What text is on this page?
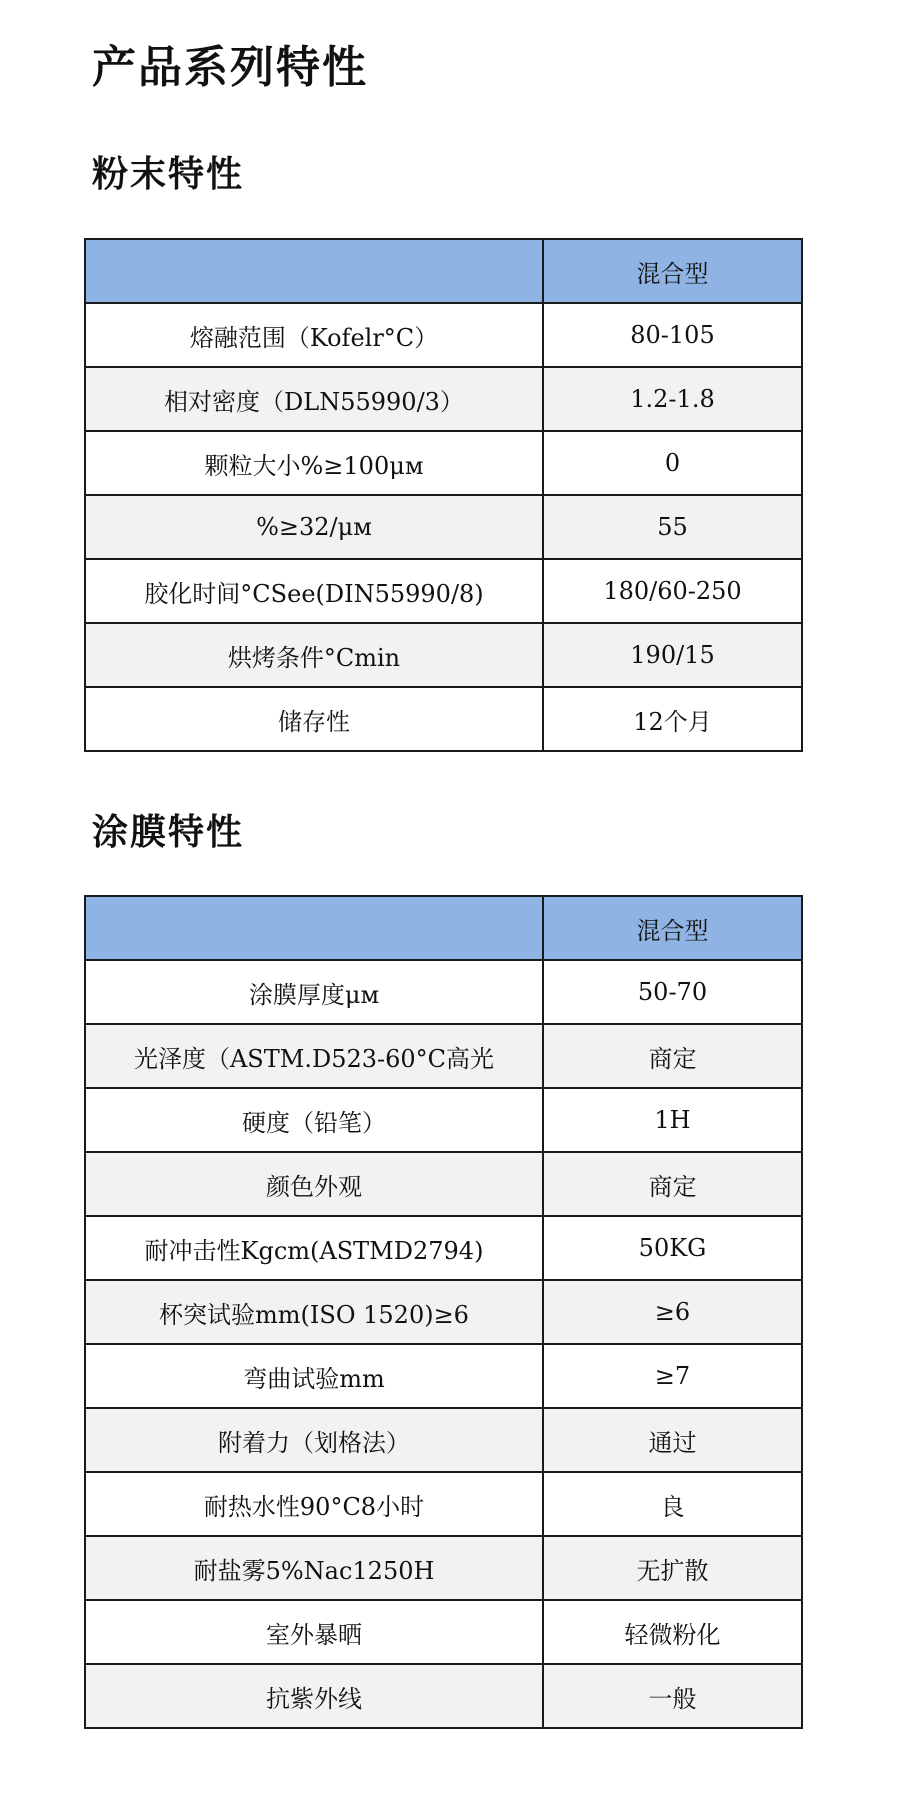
产品系列特性
粉末特性
	混合型
熔融范围（Kofelr°C）	80-105
相对密度（DLN55990/3）	1.2-1.8
颗粒大小%≥100μм	0
%≥32/μм	55
胶化时间°CSee(DIN55990/8)	180/60-250
烘烤条件°Cmin	190/15
储存性	12个月
涂膜特性
	混合型
涂膜厚度μм	50-70
光泽度（ASTM.D523-60°C高光	商定
硬度（铅笔）	1H
颜色外观	商定
耐冲击性Kgcm(ASTMD2794)	50KG
杯突试验mm(ISO 1520)≥6	≥6
弯曲试验mm	≥7
附着力（划格法）	通过
耐热水性90°C8小时	良
耐盐雾5%Nac1250H	无扩散
室外暴晒	轻微粉化
抗紫外线	一般
